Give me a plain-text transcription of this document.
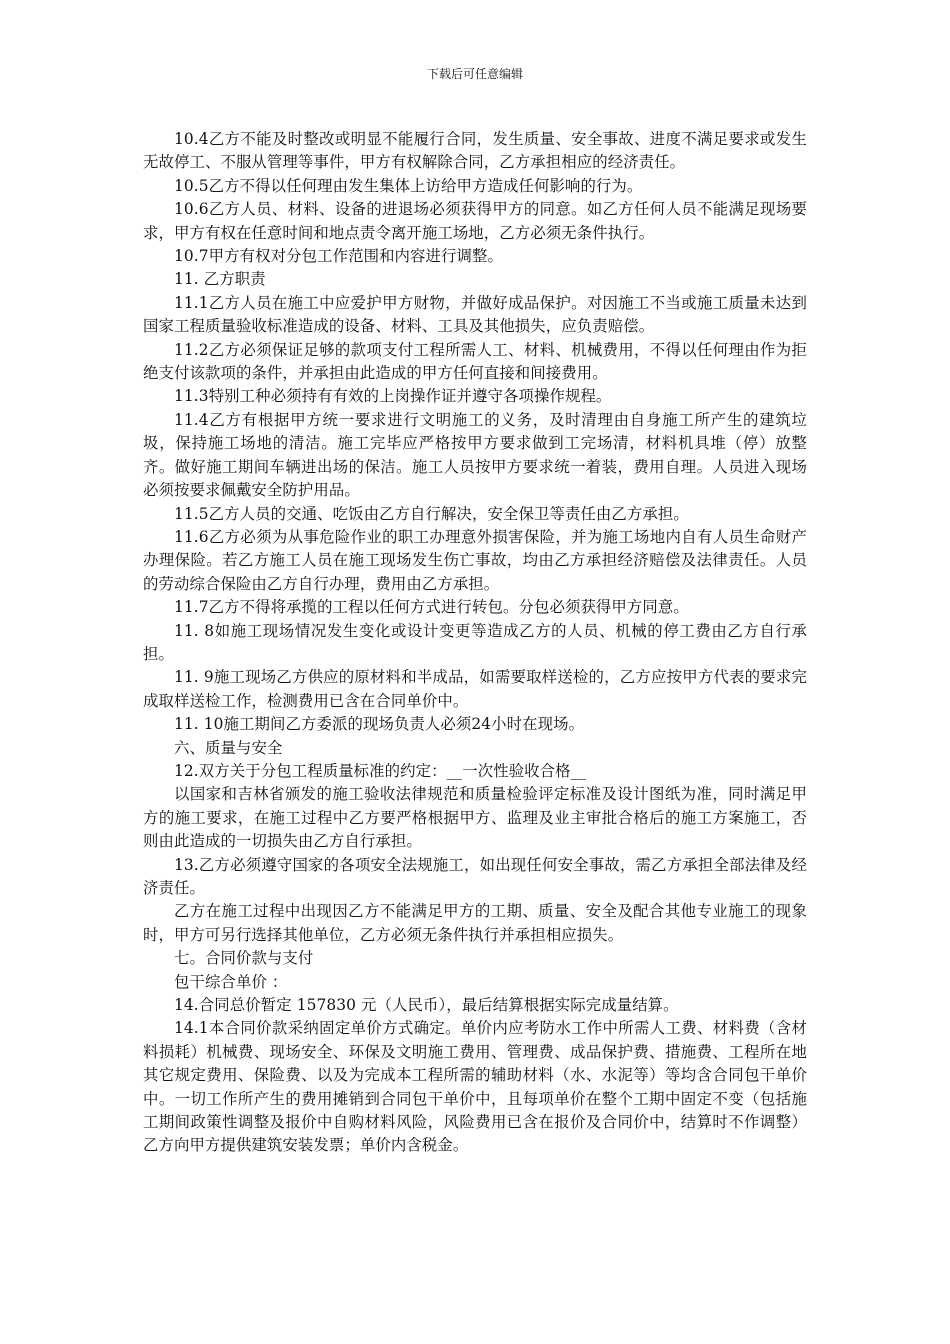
下载后可任意编辑

10.4乙方不能及时整改或明显不能履行合同，发生质量、安全事故、进度不满足要求或发生无故停工、不服从管理等事件，甲方有权解除合同，乙方承担相应的经济责任。

10.5乙方不得以任何理由发生集体上访给甲方造成任何影响的行为。

10.6乙方人员、材料、设备的进退场必须获得甲方的同意。如乙方任何人员不能满足现场要求，甲方有权在任意时间和地点责令离开施工场地，乙方必须无条件执行。

10.7甲方有权对分包工作范围和内容进行调整。

11. 乙方职责

11.1乙方人员在施工中应爱护甲方财物，并做好成品保护。对因施工不当或施工质量未达到国家工程质量验收标准造成的设备、材料、工具及其他损失，应负责赔偿。

11.2乙方必须保证足够的款项支付工程所需人工、材料、机械费用，不得以任何理由作为拒绝支付该款项的条件，并承担由此造成的甲方任何直接和间接费用。

11.3特别工种必须持有有效的上岗操作证并遵守各项操作规程。

11.4乙方有根据甲方统一要求进行文明施工的义务，及时清理由自身施工所产生的建筑垃圾，保持施工场地的清洁。施工完毕应严格按甲方要求做到工完场清，材料机具堆（停）放整齐。做好施工期间车辆进出场的保洁。施工人员按甲方要求统一着装，费用自理。人员进入现场必须按要求佩戴安全防护用品。

11.5乙方人员的交通、吃饭由乙方自行解决，安全保卫等责任由乙方承担。

11.6乙方必须为从事危险作业的职工办理意外损害保险，并为施工场地内自有人员生命财产办理保险。若乙方施工人员在施工现场发生伤亡事故，均由乙方承担经济赔偿及法律责任。人员的劳动综合保险由乙方自行办理，费用由乙方承担。

11.7乙方不得将承揽的工程以任何方式进行转包。分包必须获得甲方同意。

11. 8如施工现场情况发生变化或设计变更等造成乙方的人员、机械的停工费由乙方自行承担。

11. 9施工现场乙方供应的原材料和半成品，如需要取样送检的，乙方应按甲方代表的要求完成取样送检工作，检测费用已含在合同单价中。

11. 10施工期间乙方委派的现场负责人必须24小时在现场。

六、质量与安全

12.双方关于分包工程质量标准的约定：__一次性验收合格__

以国家和吉林省颁发的施工验收法律规范和质量检验评定标准及设计图纸为准，同时满足甲方的施工要求，在施工过程中乙方要严格根据甲方、监理及业主审批合格后的施工方案施工，否则由此造成的一切损失由乙方自行承担。

13.乙方必须遵守国家的各项安全法规施工，如出现任何安全事故，需乙方承担全部法律及经济责任。

乙方在施工过程中出现因乙方不能满足甲方的工期、质量、安全及配合其他专业施工的现象时，甲方可另行选择其他单位，乙方必须无条件执行并承担相应损失。

七。合同价款与支付

包干综合单价 ：

14.合同总价暂定 157830 元（人民币），最后结算根据实际完成量结算。

14.1本合同价款采纳固定单价方式确定。单价内应考防水工作中所需人工费、材料费（含材料损耗）机械费、现场安全、环保及文明施工费用、管理费、成品保护费、措施费、工程所在地其它规定费用、保险费、以及为完成本工程所需的辅助材料（水、水泥等）等均含合同包干单价中。一切工作所产生的费用摊销到合同包干单价中，且每项单价在整个工期中固定不变（包括施工期间政策性调整及报价中自购材料风险，风险费用已含在报价及合同价中，结算时不作调整）乙方向甲方提供建筑安装发票；单价内含税金。
